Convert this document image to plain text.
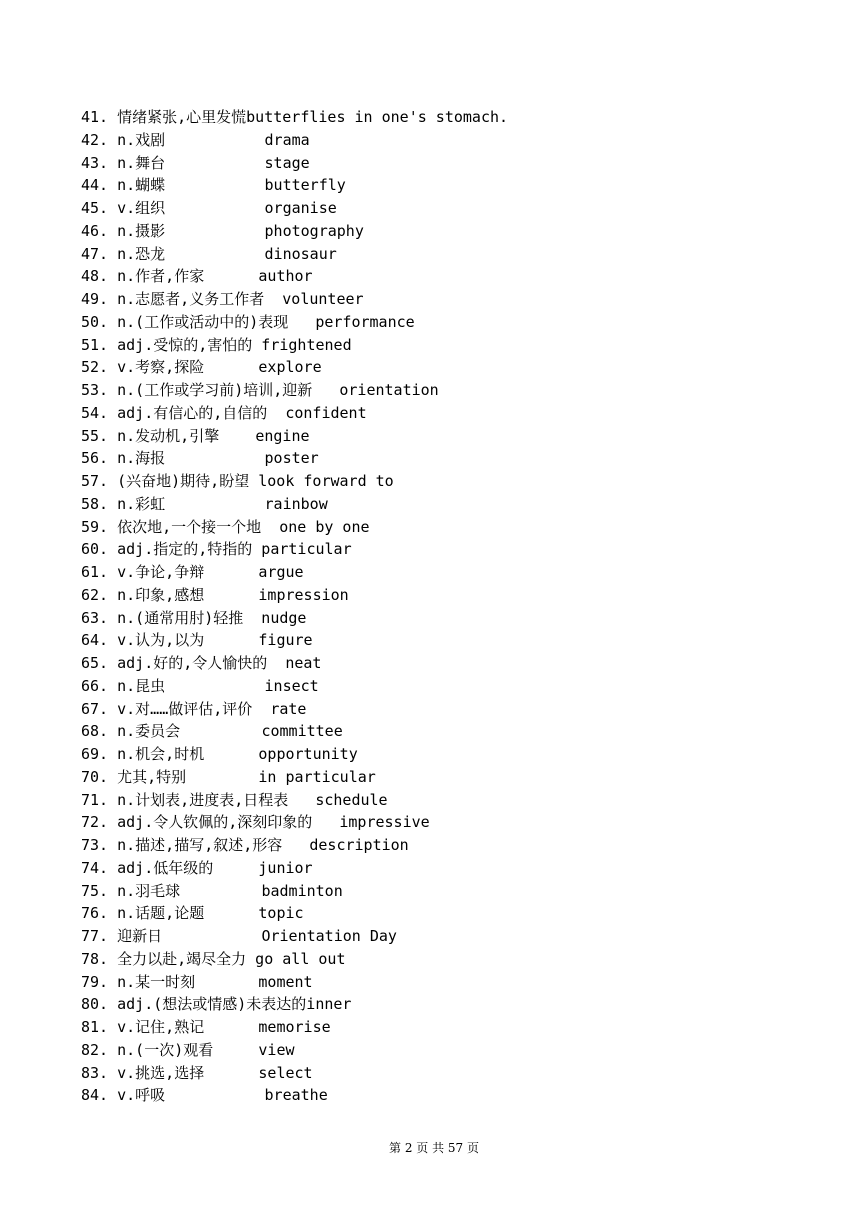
41. 情绪紧张,心里发慌butterflies in one's stomach.
42. n.戏剧           drama
43. n.舞台           stage
44. n.蝴蝶           butterfly
45. v.组织           organise
46. n.摄影           photography
47. n.恐龙           dinosaur
48. n.作者,作家      author
49. n.志愿者,义务工作者  volunteer
50. n.(工作或活动中的)表现   performance
51. adj.受惊的,害怕的 frightened
52. v.考察,探险      explore
53. n.(工作或学习前)培训,迎新   orientation
54. adj.有信心的,自信的  confident
55. n.发动机,引擎    engine
56. n.海报           poster
57. (兴奋地)期待,盼望 look forward to
58. n.彩虹           rainbow
59. 依次地,一个接一个地  one by one
60. adj.指定的,特指的 particular
61. v.争论,争辩      argue
62. n.印象,感想      impression
63. n.(通常用肘)轻推  nudge
64. v.认为,以为      figure
65. adj.好的,令人愉快的  neat
66. n.昆虫           insect
67. v.对……做评估,评价  rate
68. n.委员会         committee
69. n.机会,时机      opportunity
70. 尤其,特别        in particular
71. n.计划表,进度表,日程表   schedule
72. adj.令人钦佩的,深刻印象的   impressive
73. n.描述,描写,叙述,形容   description
74. adj.低年级的     junior
75. n.羽毛球         badminton
76. n.话题,论题      topic
77. 迎新日           Orientation Day
78. 全力以赴,竭尽全力 go all out
79. n.某一时刻       moment
80. adj.(想法或情感)未表达的inner
81. v.记住,熟记      memorise
82. n.(一次)观看     view
83. v.挑选,选择      select
84. v.呼吸           breathe
第 2 页 共 57 页
